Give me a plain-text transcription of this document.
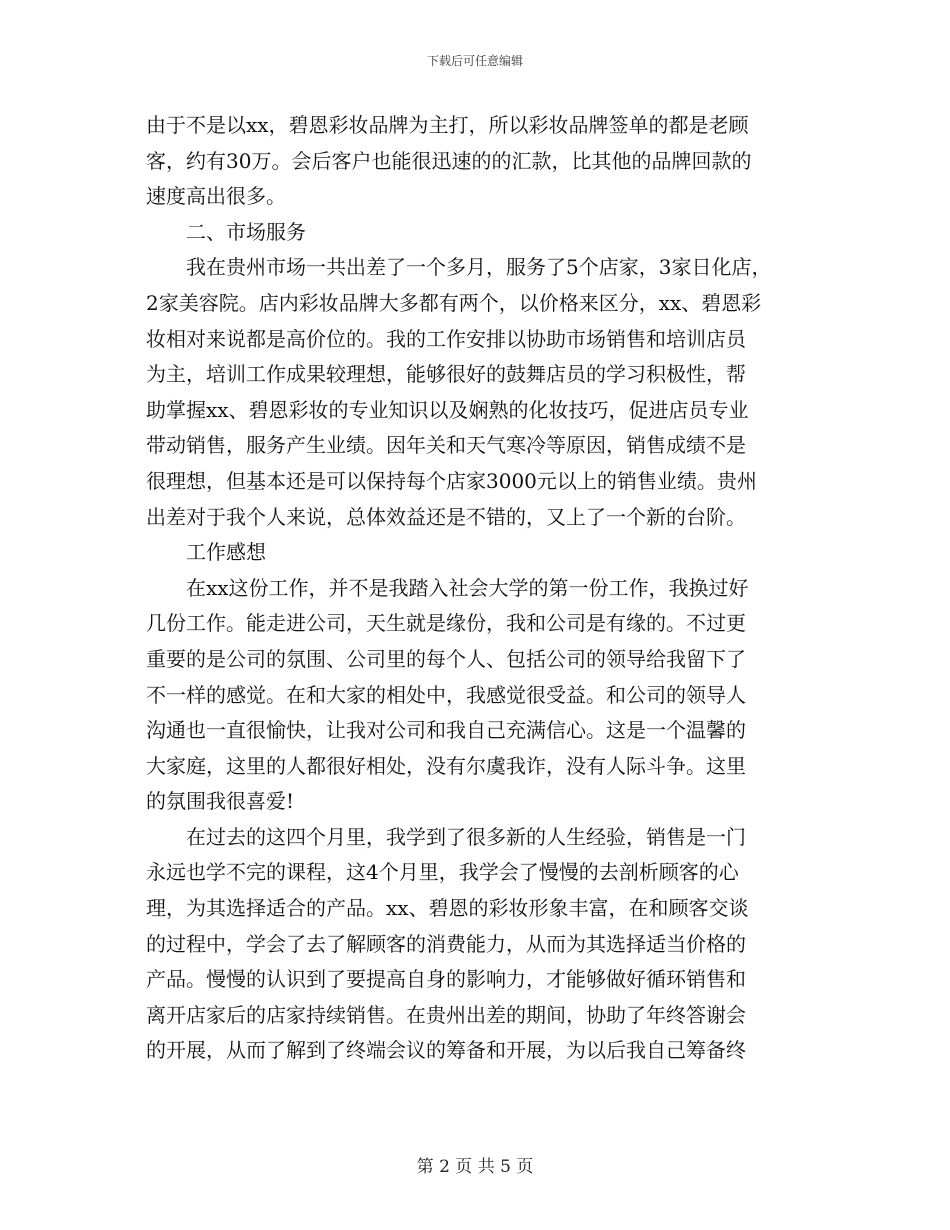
下载后可任意编辑
由于不是以xx，碧恩彩妆品牌为主打，所以彩妆品牌签单的都是老顾
客，约有30万。会后客户也能很迅速的的汇款，比其他的品牌回款的
速度高出很多。
二、市场服务
我在贵州市场一共出差了一个多月，服务了5个店家，3家日化店，
2家美容院。店内彩妆品牌大多都有两个，以价格来区分，xx、碧恩彩
妆相对来说都是高价位的。我的工作安排以协助市场销售和培训店员
为主，培训工作成果较理想，能够很好的鼓舞店员的学习积极性，帮
助掌握xx、碧恩彩妆的专业知识以及娴熟的化妆技巧，促进店员专业
带动销售，服务产生业绩。因年关和天气寒冷等原因，销售成绩不是
很理想，但基本还是可以保持每个店家3000元以上的销售业绩。贵州
出差对于我个人来说，总体效益还是不错的，又上了一个新的台阶。
工作感想
在xx这份工作，并不是我踏入社会大学的第一份工作，我换过好
几份工作。能走进公司，天生就是缘份，我和公司是有缘的。不过更
重要的是公司的氛围、公司里的每个人、包括公司的领导给我留下了
不一样的感觉。在和大家的相处中，我感觉很受益。和公司的领导人
沟通也一直很愉快，让我对公司和我自己充满信心。这是一个温馨的
大家庭，这里的人都很好相处，没有尔虞我诈，没有人际斗争。这里
的氛围我很喜爱!
在过去的这四个月里，我学到了很多新的人生经验，销售是一门
永远也学不完的课程，这4个月里，我学会了慢慢的去剖析顾客的心
理，为其选择适合的产品。xx、碧恩的彩妆形象丰富，在和顾客交谈
的过程中，学会了去了解顾客的消费能力，从而为其选择适当价格的
产品。慢慢的认识到了要提高自身的影响力，才能够做好循环销售和
离开店家后的店家持续销售。在贵州出差的期间，协助了年终答谢会
的开展，从而了解到了终端会议的筹备和开展，为以后我自己筹备终
第 2 页 共 5 页
